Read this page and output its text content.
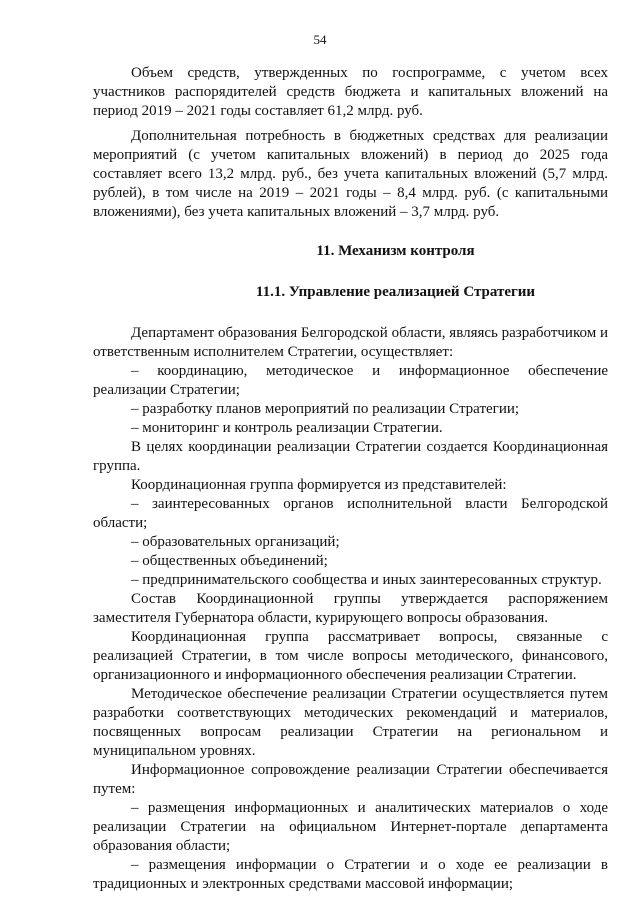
54

Объем средств, утвержденных по госпрограмме, с учетом всех участников распорядителей средств бюджета и капитальных вложений на период 2019 – 2021 годы составляет 61,2 млрд. руб.

Дополнительная потребность в бюджетных средствах для реализации мероприятий (с учетом капитальных вложений) в период до 2025 года составляет всего 13,2 млрд. руб., без учета капитальных вложений (5,7 млрд. рублей), в том числе на 2019 – 2021 годы – 8,4 млрд. руб. (с капитальными вложениями), без учета капитальных вложений – 3,7 млрд. руб.

11. Механизм контроля
11.1. Управление реализацией Стратегии

Департамент образования Белгородской области, являясь разработчиком и ответственным исполнителем Стратегии, осуществляет:

– координацию, методическое и информационное обеспечение реализации Стратегии;

– разработку планов мероприятий по реализации Стратегии;

– мониторинг и контроль реализации Стратегии.

В целях координации реализации Стратегии создается Координационная группа.

Координационная группа формируется из представителей:

– заинтересованных органов исполнительной власти Белгородской области;

– образовательных организаций;

– общественных объединений;

– предпринимательского сообщества и иных заинтересованных структур.

Состав Координационной группы утверждается распоряжением заместителя Губернатора области, курирующего вопросы образования.

Координационная группа рассматривает вопросы, связанные с реализацией Стратегии, в том числе вопросы методического, финансового, организационного и информационного обеспечения реализации Стратегии.

Методическое обеспечение реализации Стратегии осуществляется путем разработки соответствующих методических рекомендаций и материалов, посвященных вопросам реализации Стратегии на региональном и муниципальном уровнях.

Информационное сопровождение реализации Стратегии обеспечивается путем:

– размещения информационных и аналитических материалов о ходе реализации Стратегии на официальном Интернет-портале департамента образования области;

– размещения информации о Стратегии и о ходе ее реализации в традиционных и электронных средствами массовой информации;
